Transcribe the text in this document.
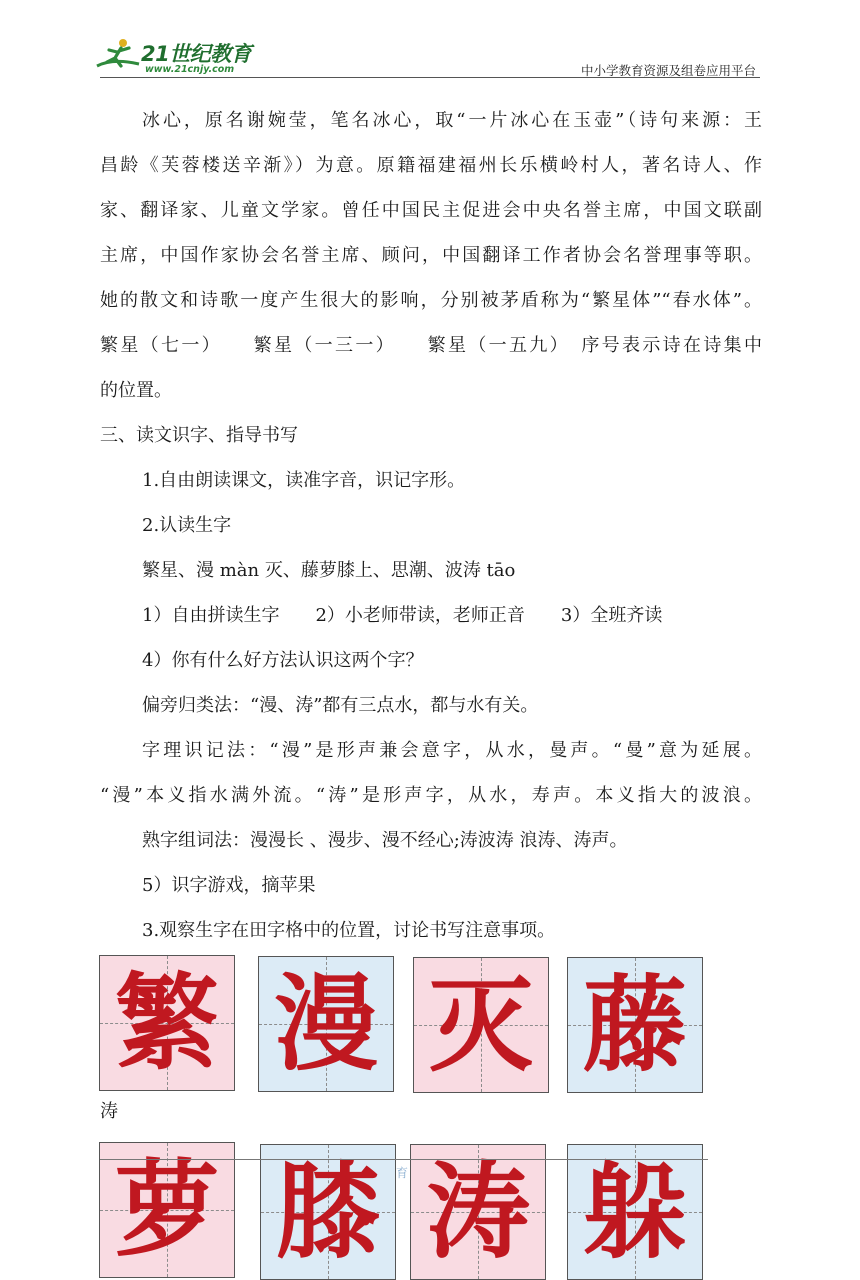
21世纪教育
www.21cnjy.com	中小学教育资源及组卷应用平台
冰心，原名谢婉莹，笔名冰心，取“一片冰心在玉壶”（诗句来源：王
昌龄《芙蓉楼送辛渐》）为意。原籍福建福州长乐横岭村人，著名诗人、作
家、翻译家、儿童文学家。曾任中国民主促进会中央名誉主席，中国文联副
主席，中国作家协会名誉主席、顾问，中国翻译工作者协会名誉理事等职。
她的散文和诗歌一度产生很大的影响，分别被茅盾称为“繁星体”“春水体”。
繁星（七一）　　繁星（一三一）　　繁星（一五九）　序号表示诗在诗集中
的位置。
三、读文识字、指导书写
1.自由朗读课文，读准字音，识记字形。
2.认读生字
繁星、漫 màn 灭、藤萝膝上、思潮、波涛 tāo
1）自由拼读生字　　2）小老师带读，老师正音　　3）全班齐读
4）你有什么好方法认识这两个字？
偏旁归类法：“漫、涛”都有三点水，都与水有关。
字理识记法：“漫”是形声兼会意字，从水，曼声。“曼”意为延展。
“漫”本义指水满外流。“涛”是形声字，从水，寿声。本义指大的波浪。
熟字组词法：漫漫长 、漫步、漫不经心;涛波涛 浪涛、涛声。
5）识字游戏，摘苹果
3.观察生字在田字格中的位置，讨论书写注意事项。
繁 漫 灭 藤
涛
萝 膝 涛 躲
育
